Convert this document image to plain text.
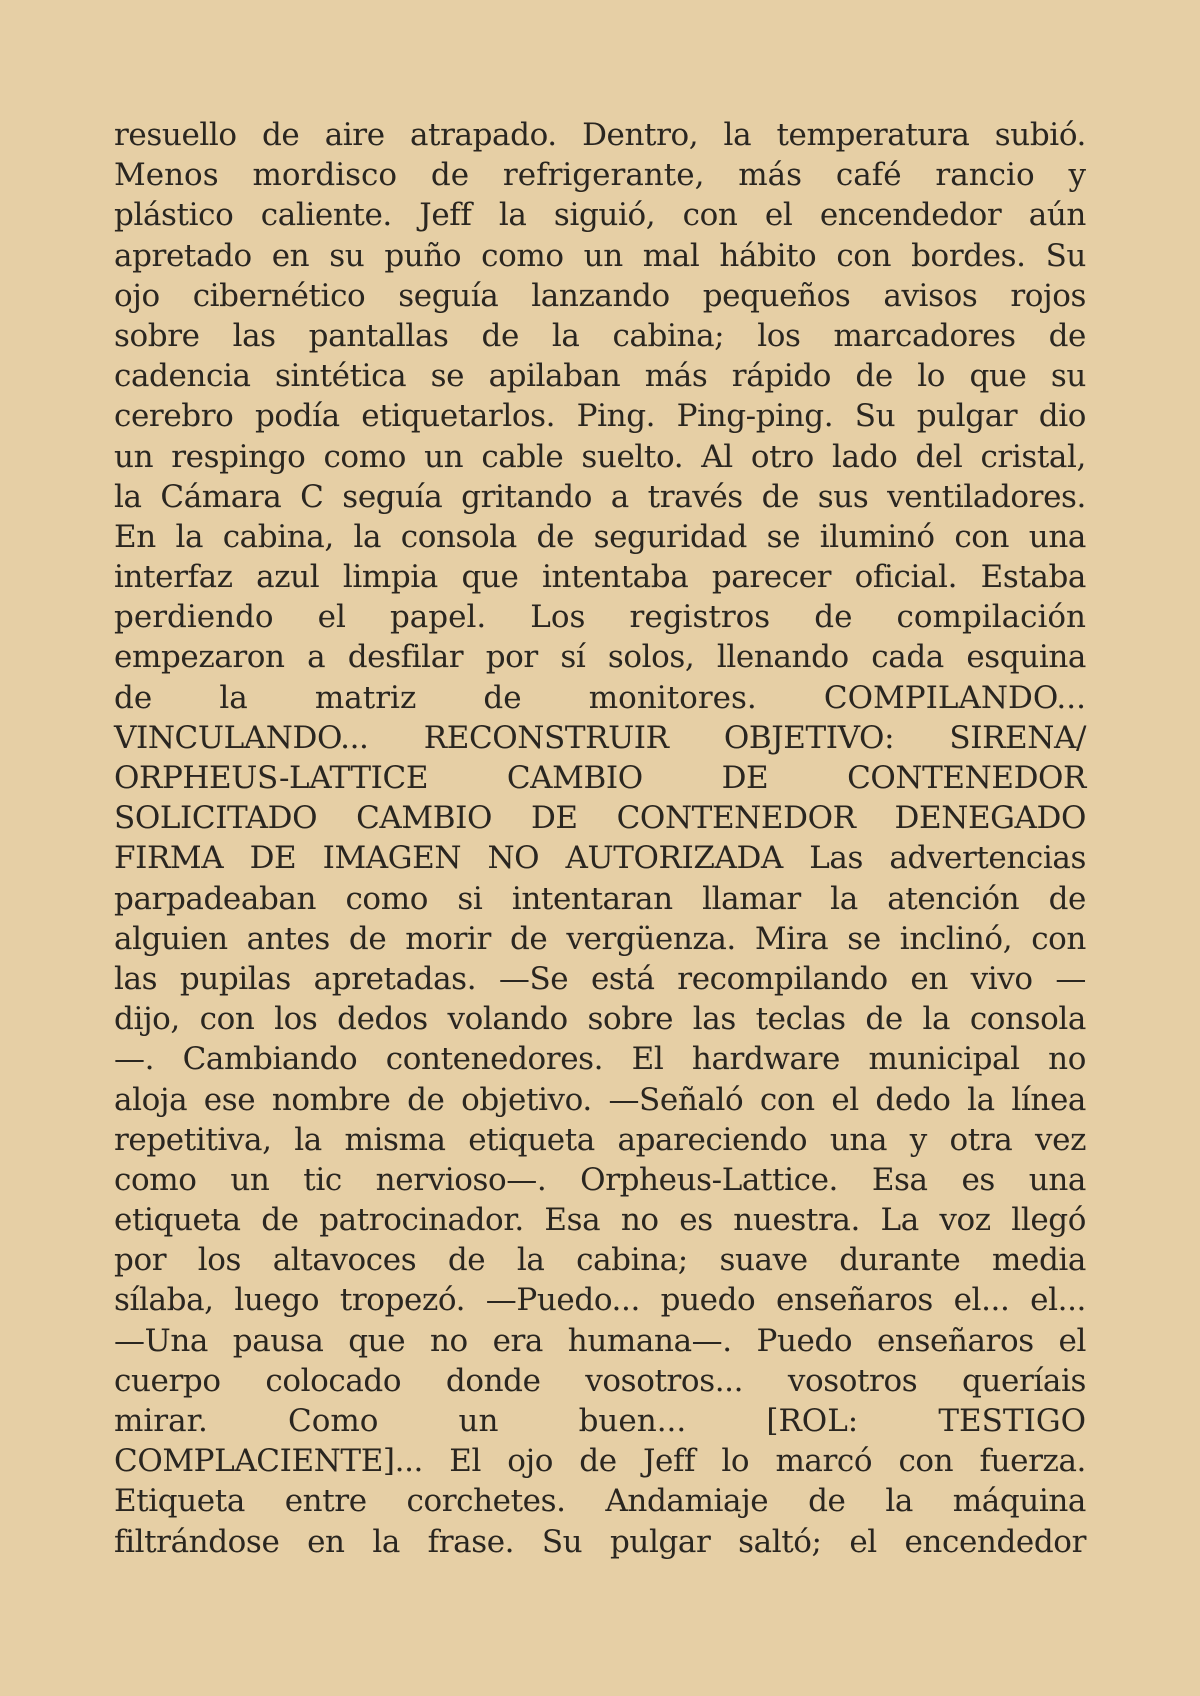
resuello de aire atrapado. Dentro, la temperatura subió.
Menos mordisco de refrigerante, más café rancio y
plástico caliente. Jeff la siguió, con el encendedor aún
apretado en su puño como un mal hábito con bordes. Su
ojo cibernético seguía lanzando pequeños avisos rojos
sobre las pantallas de la cabina; los marcadores de
cadencia sintética se apilaban más rápido de lo que su
cerebro podía etiquetarlos. Ping. Ping-ping. Su pulgar dio
un respingo como un cable suelto. Al otro lado del cristal,
la Cámara C seguía gritando a través de sus ventiladores.
En la cabina, la consola de seguridad se iluminó con una
interfaz azul limpia que intentaba parecer oficial. Estaba
perdiendo el papel. Los registros de compilación
empezaron a desfilar por sí solos, llenando cada esquina
de la matriz de monitores. COMPILANDO...
VINCULANDO... RECONSTRUIR OBJETIVO: SIRENA/
ORPHEUS-LATTICE CAMBIO DE CONTENEDOR
SOLICITADO CAMBIO DE CONTENEDOR DENEGADO
FIRMA DE IMAGEN NO AUTORIZADA Las advertencias
parpadeaban como si intentaran llamar la atención de
alguien antes de morir de vergüenza. Mira se inclinó, con
las pupilas apretadas. —Se está recompilando en vivo —
dijo, con los dedos volando sobre las teclas de la consola
—. Cambiando contenedores. El hardware municipal no
aloja ese nombre de objetivo. —Señaló con el dedo la línea
repetitiva, la misma etiqueta apareciendo una y otra vez
como un tic nervioso—. Orpheus-Lattice. Esa es una
etiqueta de patrocinador. Esa no es nuestra. La voz llegó
por los altavoces de la cabina; suave durante media
sílaba, luego tropezó. —Puedo... puedo enseñaros el... el...
—Una pausa que no era humana—. Puedo enseñaros el
cuerpo colocado donde vosotros... vosotros queríais
mirar. Como un buen... [ROL: TESTIGO
COMPLACIENTE]... El ojo de Jeff lo marcó con fuerza.
Etiqueta entre corchetes. Andamiaje de la máquina
filtrándose en la frase. Su pulgar saltó; el encendedor
